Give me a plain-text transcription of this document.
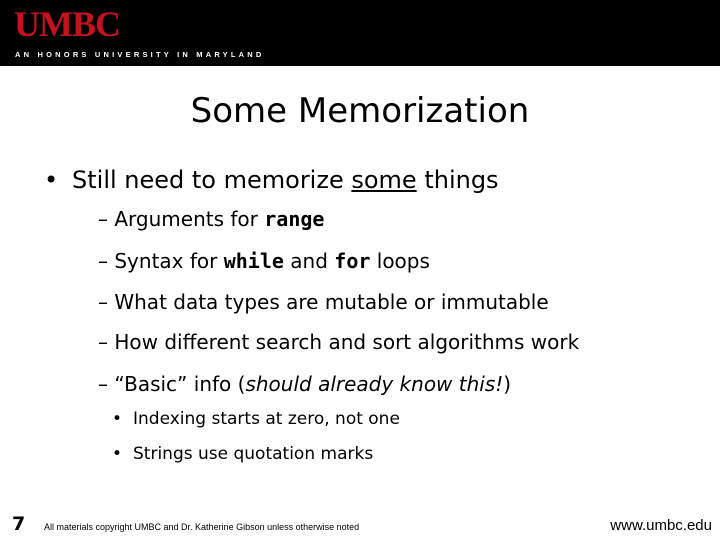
UMBC
AN HONORS UNIVERSITY IN MARYLAND
Some Memorization
• Still need to memorize some things
– Arguments for range
– Syntax for while and for loops
– What data types are mutable or immutable
– How different search and sort algorithms work
– “Basic” info (should already know this!)
• Indexing starts at zero, not one
• Strings use quotation marks
7 All materials copyright UMBC and Dr. Katherine Gibson unless otherwise noted	www.umbc.edu
